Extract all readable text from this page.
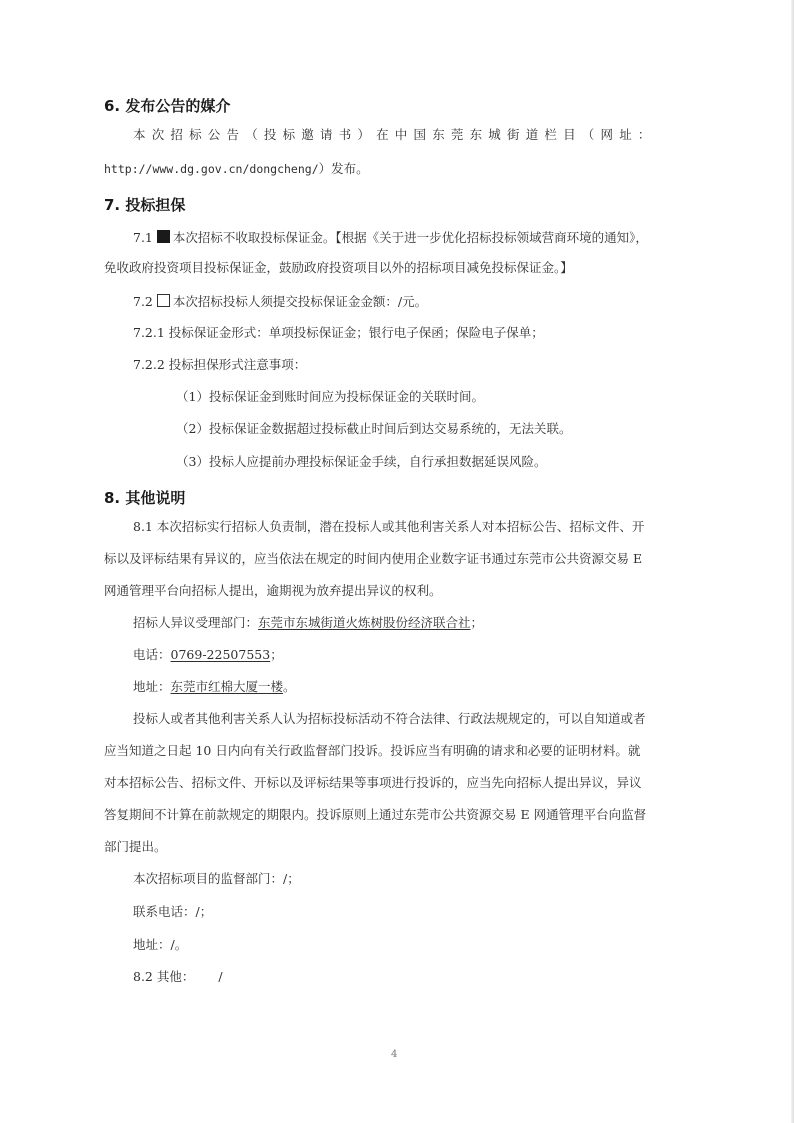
6. 发布公告的媒介
本次招标公告（投标邀请书）在中国东莞东城街道栏目（网址：
http://www.dg.gov.cn/dongcheng/）发布。
7. 投标担保
7.1 本次招标不收取投标保证金。【根据《关于进一步优化招标投标领域营商环境的通知》，
免收政府投资项目投标保证金，鼓励政府投资项目以外的招标项目减免投标保证金。】
7.2 本次招标投标人须提交投标保证金金额：/元。
7.2.1 投标保证金形式：单项投标保证金；银行电子保函；保险电子保单；
7.2.2 投标担保形式注意事项：
（1）投标保证金到账时间应为投标保证金的关联时间。
（2）投标保证金数据超过投标截止时间后到达交易系统的，无法关联。
（3）投标人应提前办理投标保证金手续，自行承担数据延误风险。
8. 其他说明
8.1 本次招标实行招标人负责制，潜在投标人或其他利害关系人对本招标公告、招标文件、开
标以及评标结果有异议的，应当依法在规定的时间内使用企业数字证书通过东莞市公共资源交易 E
网通管理平台向招标人提出，逾期视为放弃提出异议的权利。
招标人异议受理部门：东莞市东城街道火炼树股份经济联合社；
电话：0769-22507553；
地址：东莞市红棉大厦一楼。
投标人或者其他利害关系人认为招标投标活动不符合法律、行政法规规定的，可以自知道或者
应当知道之日起 10 日内向有关行政监督部门投诉。投诉应当有明确的请求和必要的证明材料。就
对本招标公告、招标文件、开标以及评标结果等事项进行投诉的，应当先向招标人提出异议，异议
答复期间不计算在前款规定的期限内。投诉原则上通过东莞市公共资源交易 E 网通管理平台向监督
部门提出。
本次招标项目的监督部门：/；
联系电话：/；
地址：/。
8.2 其他： /
4
